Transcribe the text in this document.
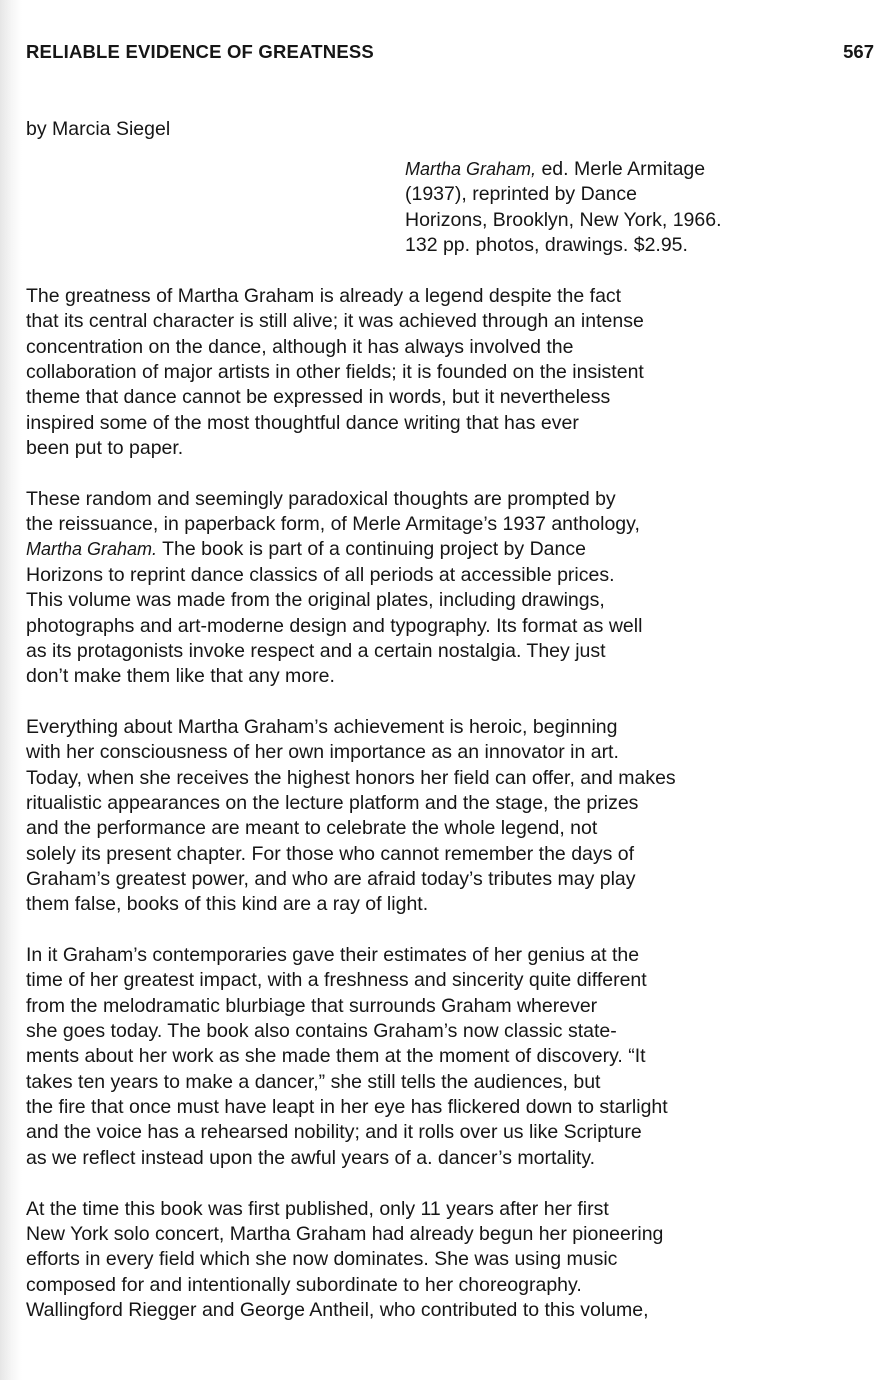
RELIABLE EVIDENCE OF GREATNESS	567
by Marcia Siegel
Martha Graham, ed. Merle Armitage
(1937), reprinted by Dance
Horizons, Brooklyn, New York, 1966.
132 pp. photos, drawings. $2.95.

The greatness of Martha Graham is already a legend despite the fact
that its central character is still alive; it was achieved through an intense
concentration on the dance, although it has always involved the
collaboration of major artists in other fields; it is founded on the insistent
theme that dance cannot be expressed in words, but it nevertheless
inspired some of the most thoughtful dance writing that has ever
been put to paper.

These random and seemingly paradoxical thoughts are prompted by
the reissuance, in paperback form, of Merle Armitage’s 1937 anthology,
Martha Graham. The book is part of a continuing project by Dance
Horizons to reprint dance classics of all periods at accessible prices.
This volume was made from the original plates, including drawings,
photographs and art-moderne design and typography. Its format as well
as its protagonists invoke respect and a certain nostalgia. They just
don’t make them like that any more.

Everything about Martha Graham’s achievement is heroic, beginning
with her consciousness of her own importance as an innovator in art.
Today, when she receives the highest honors her field can offer, and makes
ritualistic appearances on the lecture platform and the stage, the prizes
and the performance are meant to celebrate the whole legend, not
solely its present chapter. For those who cannot remember the days of
Graham’s greatest power, and who are afraid today’s tributes may play
them false, books of this kind are a ray of light.

In it Graham’s contemporaries gave their estimates of her genius at the
time of her greatest impact, with a freshness and sincerity quite different
from the melodramatic blurbiage that surrounds Graham wherever
she goes today. The book also contains Graham’s now classic state-
ments about her work as she made them at the moment of discovery. “It
takes ten years to make a dancer,” she still tells the audiences, but
the fire that once must have leapt in her eye has flickered down to starlight
and the voice has a rehearsed nobility; and it rolls over us like Scripture
as we reflect instead upon the awful years of a. dancer’s mortality.

At the time this book was first published, only 11 years after her first
New York solo concert, Martha Graham had already begun her pioneering
efforts in every field which she now dominates. She was using music
composed for and intentionally subordinate to her choreography.
Wallingford Riegger and George Antheil, who contributed to this volume,
